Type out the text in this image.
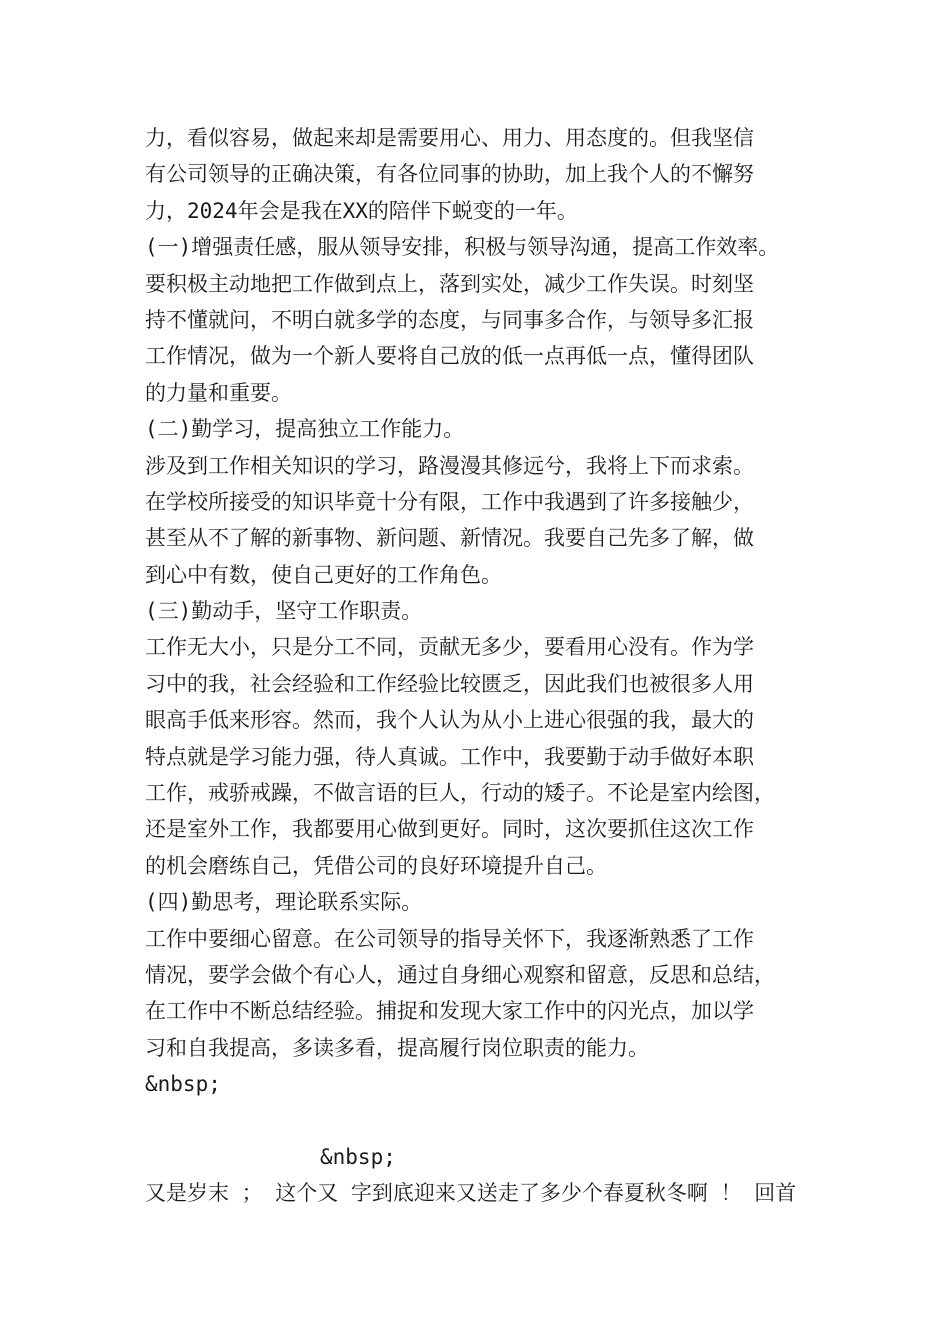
力，看似容易，做起来却是需要用心、用力、用态度的。但我坚信
有公司领导的正确决策，有各位同事的协助，加上我个人的不懈努
力，2024年会是我在XX的陪伴下蜕变的一年。
(一)增强责任感，服从领导安排，积极与领导沟通，提高工作效率。
要积极主动地把工作做到点上，落到实处，减少工作失误。时刻坚
持不懂就问，不明白就多学的态度，与同事多合作，与领导多汇报
工作情况，做为一个新人要将自己放的低一点再低一点，懂得团队
的力量和重要。
(二)勤学习，提高独立工作能力。
涉及到工作相关知识的学习，路漫漫其修远兮，我将上下而求索。
在学校所接受的知识毕竟十分有限，工作中我遇到了许多接触少，
甚至从不了解的新事物、新问题、新情况。我要自己先多了解，做
到心中有数，使自己更好的工作角色。
(三)勤动手，坚守工作职责。
工作无大小，只是分工不同，贡献无多少，要看用心没有。作为学
习中的我，社会经验和工作经验比较匮乏，因此我们也被很多人用
眼高手低来形容。然而，我个人认为从小上进心很强的我，最大的
特点就是学习能力强，待人真诚。工作中，我要勤于动手做好本职
工作，戒骄戒躁，不做言语的巨人，行动的矮子。不论是室内绘图，
还是室外工作，我都要用心做到更好。同时，这次要抓住这次工作
的机会磨练自己，凭借公司的良好环境提升自己。
(四)勤思考，理论联系实际。
工作中要细心留意。在公司领导的指导关怀下，我逐渐熟悉了工作
情况，要学会做个有心人，通过自身细心观察和留意，反思和总结，
在工作中不断总结经验。捕捉和发现大家工作中的闪光点，加以学
习和自我提高，多读多看，提高履行岗位职责的能力。
&nbsp;
&nbsp;
又是岁末 ； 这个又 字到底迎来又送走了多少个春夏秋冬啊 ！ 回首
